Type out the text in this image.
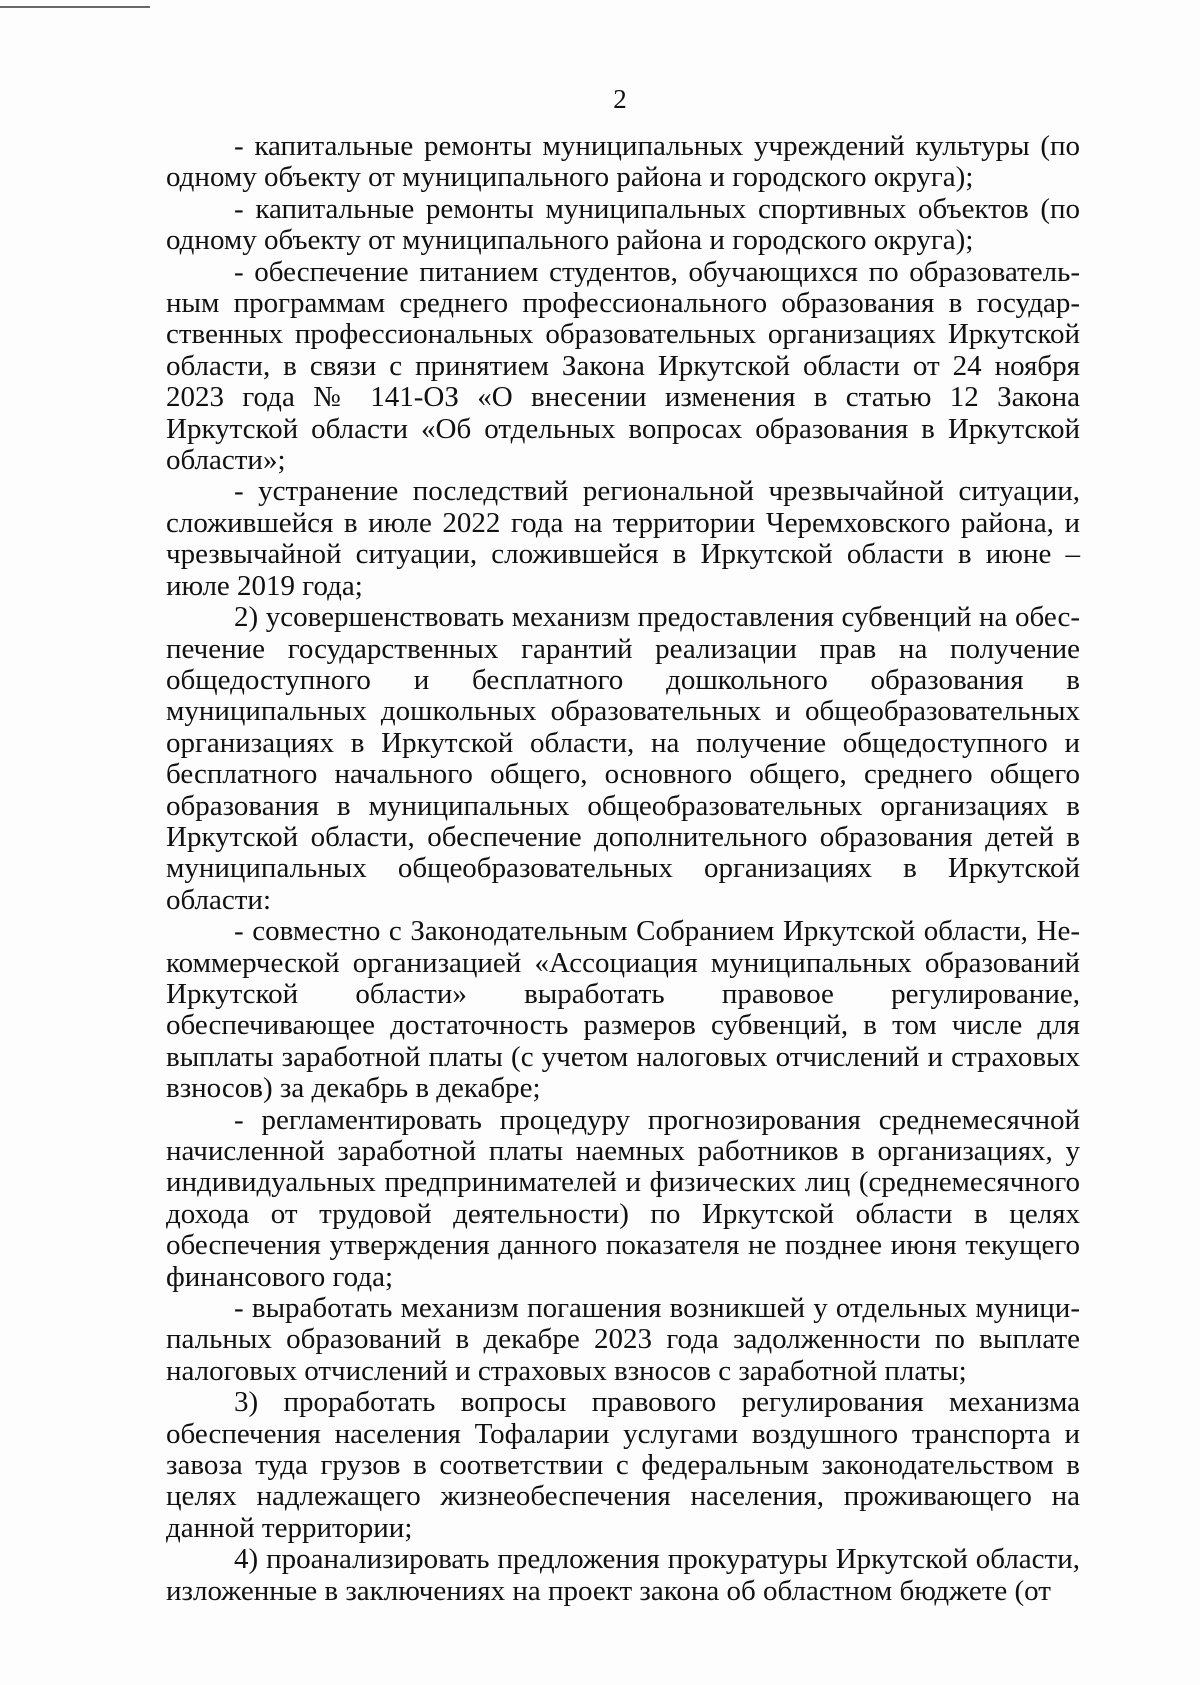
2

- капитальные ремонты муниципальных учреждений культуры (по одному объекту от муниципального района и городского округа);

- капитальные ремонты муниципальных спортивных объектов (по одному объекту от муниципального района и городского округа);

- обеспечение питанием студентов, обучающихся по образовательным программам среднего профессионального образования в государственных профессиональных образовательных организациях Иркутской области, в связи с принятием Закона Иркутской области от 24 ноября 2023 года № 141-ОЗ «О внесении изменения в статью 12 Закона Иркутской области «Об отдельных вопросах образования в Иркутской области»;

- устранение последствий региональной чрезвычайной ситуации, сложившейся в июле 2022 года на территории Черемховского района, и чрезвычайной ситуации, сложившейся в Иркутской области в июне – июле 2019 года;

2) усовершенствовать механизм предоставления субвенций на обеспечение государственных гарантий реализации прав на получение общедоступного и бесплатного дошкольного образования в муниципальных дошкольных образовательных и общеобразовательных организациях в Иркутской области, на получение общедоступного и бесплатного начального общего, основного общего, среднего общего образования в муниципальных общеобразовательных организациях в Иркутской области, обеспечение дополнительного образования детей в муниципальных общеобразовательных организациях в Иркутской области:

- совместно с Законодательным Собранием Иркутской области, Некоммерческой организацией «Ассоциация муниципальных образований Иркутской области» выработать правовое регулирование, обеспечивающее достаточность размеров субвенций, в том числе для выплаты заработной платы (с учетом налоговых отчислений и страховых взносов) за декабрь в декабре;

- регламентировать процедуру прогнозирования среднемесячной начисленной заработной платы наемных работников в организациях, у индивидуальных предпринимателей и физических лиц (среднемесячного дохода от трудовой деятельности) по Иркутской области в целях обеспечения утверждения данного показателя не позднее июня текущего финансового года;

- выработать механизм погашения возникшей у отдельных муниципальных образований в декабре 2023 года задолженности по выплате налоговых отчислений и страховых взносов с заработной платы;

3) проработать вопросы правового регулирования механизма обеспечения населения Тофаларии услугами воздушного транспорта и завоза туда грузов в соответствии с федеральным законодательством в целях надлежащего жизнеобеспечения населения, проживающего на данной территории;

4) проанализировать предложения прокуратуры Иркутской области, изложенные в заключениях на проект закона об областном бюджете (от
